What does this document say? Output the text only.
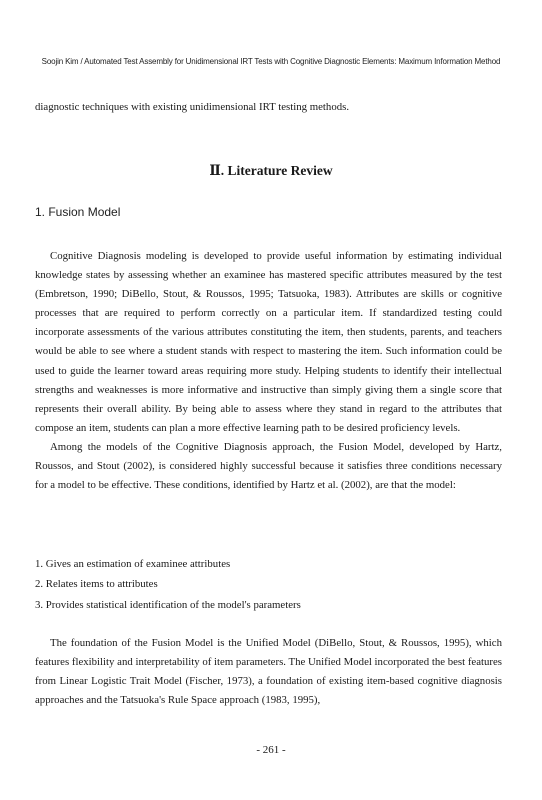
Soojin Kim / Automated Test Assembly for Unidimensional IRT Tests with Cognitive Diagnostic Elements: Maximum Information Method
diagnostic techniques with existing unidimensional IRT testing methods.
Ⅱ. Literature Review
1. Fusion Model

Cognitive Diagnosis modeling is developed to provide useful information by estimating individual knowledge states by assessing whether an examinee has mastered specific attributes measured by the test (Embretson, 1990; DiBello, Stout, & Roussos, 1995; Tatsuoka, 1983). Attributes are skills or cognitive processes that are required to perform correctly on a particular item. If standardized testing could incorporate assessments of the various attributes constituting the item, then students, parents, and teachers would be able to see where a student stands with respect to mastering the item. Such information could be used to guide the learner toward areas requiring more study. Helping students to identify their intellectual strengths and weaknesses is more informative and instructive than simply giving them a single score that represents their overall ability. By being able to assess where they stand in regard to the attributes that compose an item, students can plan a more effective learning path to be desired proficiency levels.

Among the models of the Cognitive Diagnosis approach, the Fusion Model, developed by Hartz, Roussos, and Stout (2002), is considered highly successful because it satisfies three conditions necessary for a model to be effective. These conditions, identified by Hartz et al. (2002), are that the model:

1. Gives an estimation of examinee attributes
2. Relates items to attributes
3. Provides statistical identification of the model's parameters

The foundation of the Fusion Model is the Unified Model (DiBello, Stout, & Roussos, 1995), which features flexibility and interpretability of item parameters. The Unified Model incorporated the best features from Linear Logistic Trait Model (Fischer, 1973), a foundation of existing item-based cognitive diagnosis approaches and the Tatsuoka's Rule Space approach (1983, 1995),

- 261 -
